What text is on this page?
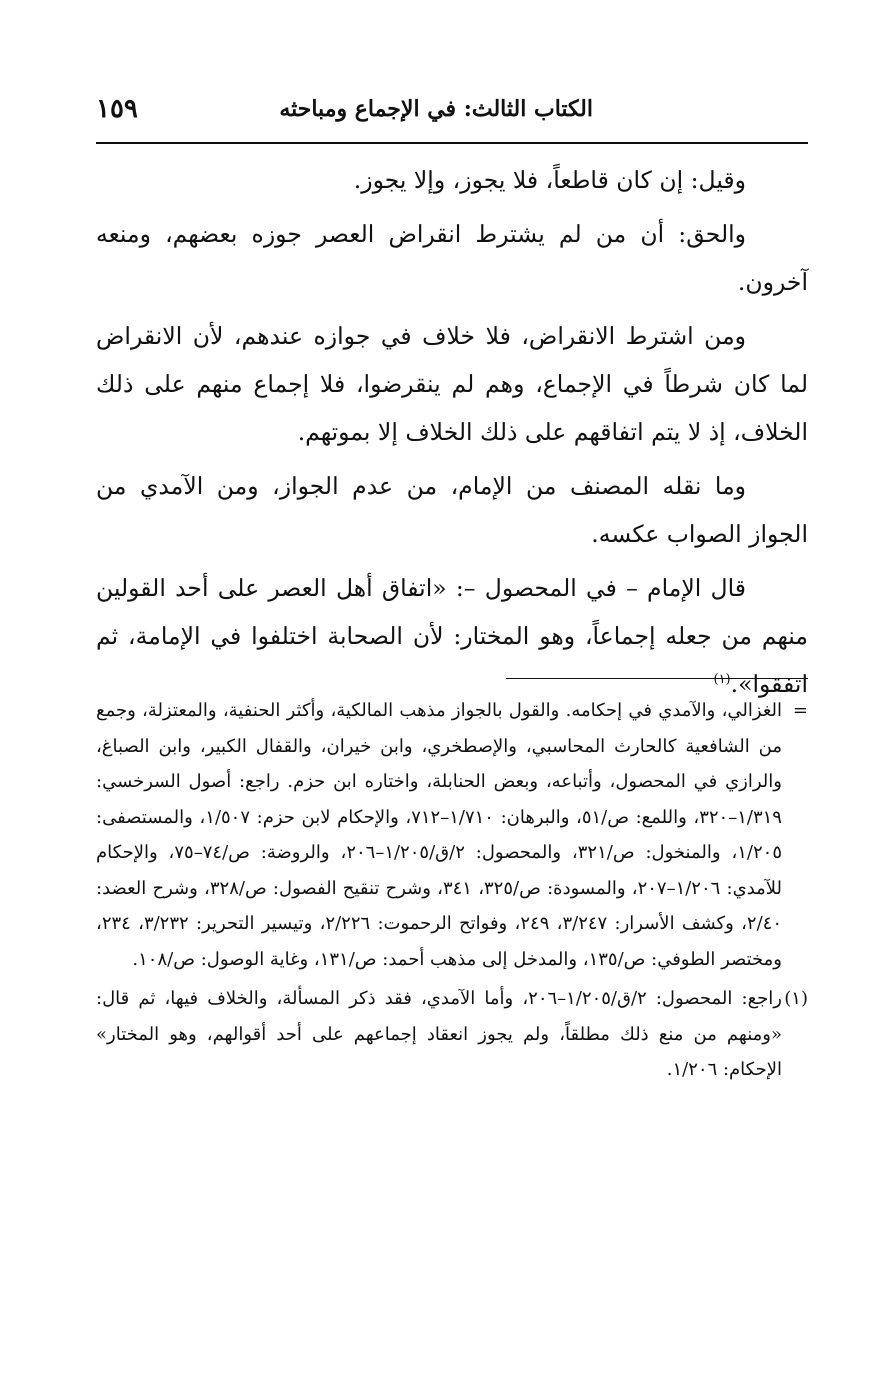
الكتاب الثالث: في الإجماع ومباحثه
١٥٩

وقيل: إن كان قاطعاً، فلا يجوز، وإلا يجوز.

والحق: أن من لم يشترط انقراض العصر جوزه بعضهم، ومنعه آخرون.

ومن اشترط الانقراض، فلا خلاف في جوازه عندهم، لأن الانقراض لما كان شرطاً في الإجماع، وهم لم ينقرضوا، فلا إجماع منهم على ذلك الخلاف، إذ لا يتم اتفاقهم على ذلك الخلاف إلا بموتهم.

وما نقله المصنف من الإمام، من عدم الجواز، ومن الآمدي من الجواز الصواب عكسه.

قال الإمام – في المحصول –: «اتفاق أهل العصر على أحد القولين منهم من جعله إجماعاً، وهو المختار: لأن الصحابة اختلفوا في الإمامة، ثم اتفقوا».$^{(١)}$

=
الغزالي، والآمدي في إحكامه. والقول بالجواز مذهب المالكية، وأكثر الحنفية، والمعتزلة، وجمع من الشافعية كالحارث المحاسبي، والإصطخري، وابن خيران، والقفال الكبير، وابن الصباغ، والرازي في المحصول، وأتباعه، وبعض الحنابلة، واختاره ابن حزم. راجع: أصول السرخسي: ١/٣١٩–٣٢٠، واللمع: ص/٥١، والبرهان: ١/٧١٠–٧١٢، والإحكام لابن حزم: ١/٥٠٧، والمستصفى: ١/٢٠٥، والمنخول: ص/٣٢١، والمحصول: ٢/ق/١/٢٠٥–٢٠٦، والروضة: ص/٧٤–٧٥، والإحكام للآمدي: ١/٢٠٦–٢٠٧، والمسودة: ص/٣٢٥، ٣٤١، وشرح تنقيح الفصول: ص/٣٢٨، وشرح العضد: ٢/٤٠، وكشف الأسرار: ٣/٢٤٧، ٢٤٩، وفواتح الرحموت: ٢/٢٢٦، وتيسير التحرير: ٣/٢٣٢، ٢٣٤، ومختصر الطوفي: ص/١٣٥، والمدخل إلى مذهب أحمد: ص/١٣١، وغاية الوصول: ص/١٠٨.
(١)
راجع: المحصول: ٢/ق/١/٢٠٥–٢٠٦، وأما الآمدي، فقد ذكر المسألة، والخلاف فيها، ثم قال: «ومنهم من منع ذلك مطلقاً، ولم يجوز انعقاد إجماعهم على أحد أقوالهم، وهو المختار» الإحكام: ١/٢٠٦.
